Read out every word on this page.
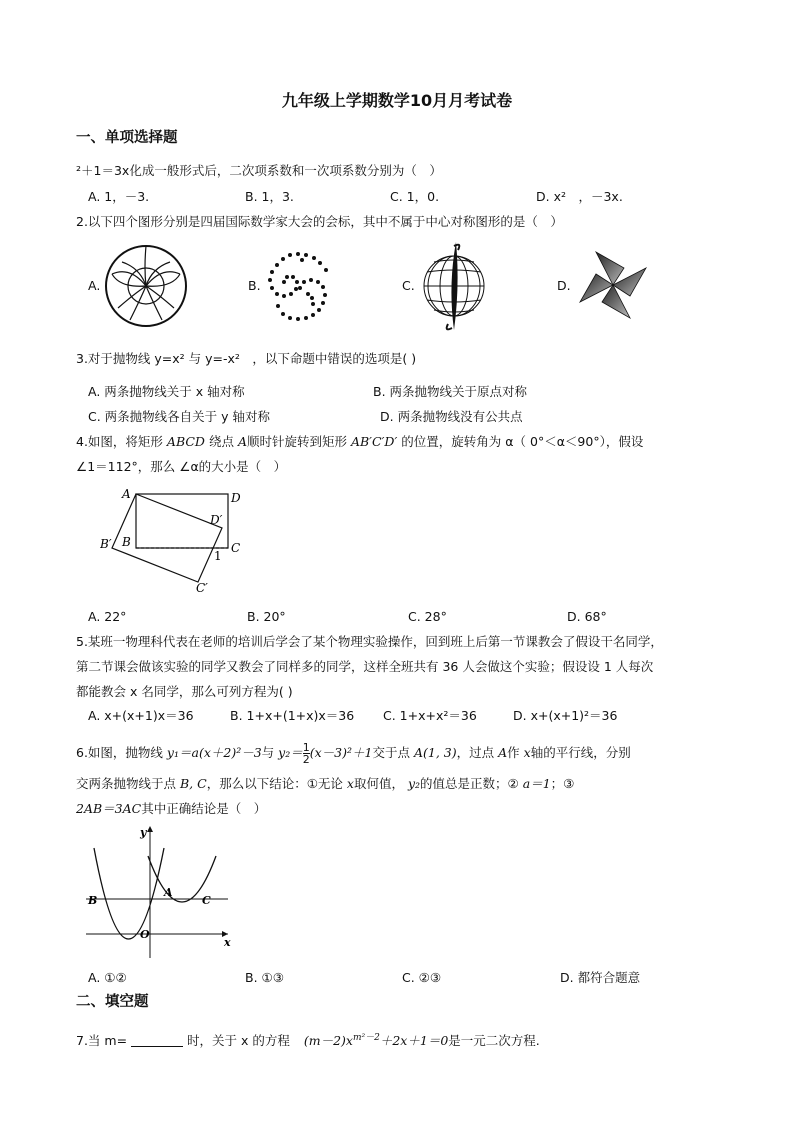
九年级上学期数学10月月考试卷
一、单项选择题
²＋1＝3x化成一般形式后，二次项系数和一次项系数分别为（　）
A. 1，－3.	B. 1，3.	C. 1，0.	D. x²　，－3x.
2.以下四个图形分别是四届国际数学家大会的会标，其中不属于中心对称图形的是（　）
A.	B.	C.	D.
3.对于抛物线 y=x² 与 y=-x²　，以下命题中错误的选项是( )
A. 两条抛物线关于 x 轴对称	B. 两条抛物线关于原点对称
C. 两条抛物线各自关于 y 轴对称	D. 两条抛物线没有公共点
4.如图，将矩形 ABCD 绕点 A顺时针旋转到矩形 AB′C′D′ 的位置，旋转角为 α（ 0°＜α＜90°），假设
∠1＝112°，那么 ∠α的大小是（　）
A	D
D′
B′ B	C
1
C′
A. 22°	B. 20°	C. 28°	D. 68°
5.某班一物理科代表在老师的培训后学会了某个物理实验操作，回到班上后第一节课教会了假设干名同学，
第二节课会做该实验的同学又教会了同样多的同学，这样全班共有 36 人会做这个实验；假设设 1 人每次
都能教会 x 名同学，那么可列方程为( )
A. x+(x+1)x＝36	B. 1+x+(1+x)x＝36 C. 1+x+x²＝36	D. x+(x+1)²＝36
6.如图，抛物线 y₁＝a(x＋2)²－3与 $y_2= \frac{1}{2} (x-3)^2+1$交于点 A(1, 3)，过点 A作 x轴的平行线，分别
交两条抛物线于点 B, C，那么以下结论：①无论 x取何值， y₂的值总是正数；② a＝1；③
2AB＝3AC其中正确结论是（　）
y
x
B
A
C
O
A. ①②	B. ①③	C. ②③	D. 都符合题意
二、填空题
7.当 m=	时，关于 x 的方程 $(m-2)x^{m^2-2}+2x+1=0$是一元二次方程.
